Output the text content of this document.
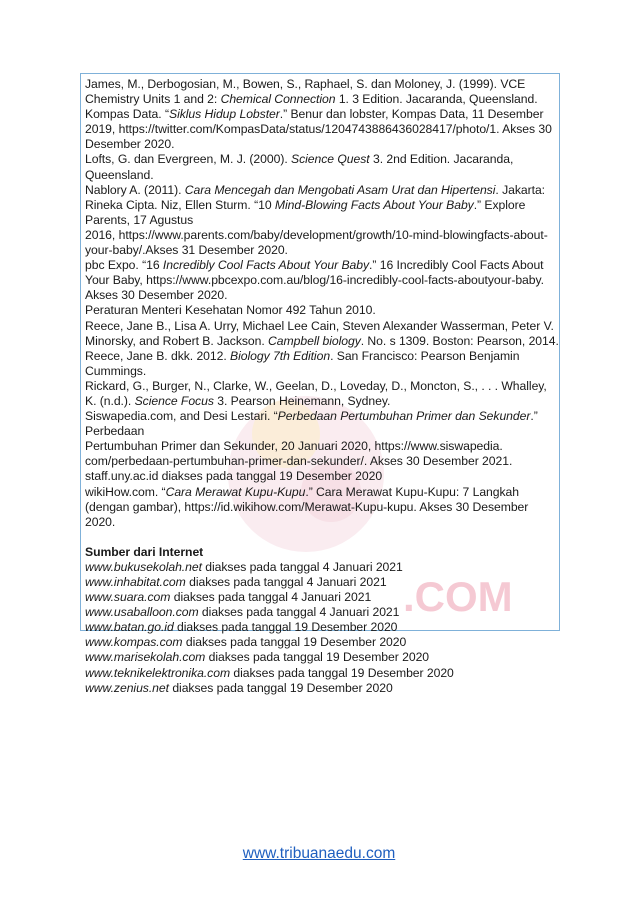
.COM

James, M., Derbogosian, M., Bowen, S., Raphael, S. dan Moloney, J. (1999). VCE Chemistry Units 1 and 2: Chemical Connection 1. 3 Edition. Jacaranda, Queensland.

Kompas Data. “Siklus Hidup Lobster.” Benur dan lobster, Kompas Data, 11 Desember 2019, https://twitter.com/KompasData/status/1204743886436028417/photo/1. Akses 30 Desember 2020.

Lofts, G. dan Evergreen, M. J. (2000). Science Quest 3. 2nd Edition. Jacaranda, Queensland.

Nablory A. (2011). Cara Mencegah dan Mengobati Asam Urat dan Hipertensi. Jakarta: Rineka Cipta. Niz, Ellen Sturm. “10 Mind-Blowing Facts About Your Baby.” Explore Parents, 17 Agustus

2016, https://www.parents.com/baby/development/growth/10-mind-blowingfacts-about-your-baby/.Akses 31 Desember 2020.

pbc Expo. “16 Incredibly Cool Facts About Your Baby.” 16 Incredibly Cool Facts About Your Baby, https://www.pbcexpo.com.au/blog/16-incredibly-cool-facts-aboutyour-baby. Akses 30 Desember 2020.

Peraturan Menteri Kesehatan Nomor 492 Tahun 2010.

Reece, Jane B., Lisa A. Urry, Michael Lee Cain, Steven Alexander Wasserman, Peter V. Minorsky, and Robert B. Jackson. Campbell biology. No. s 1309. Boston: Pearson, 2014.

Reece, Jane B. dkk. 2012. Biology 7th Edition. San Francisco: Pearson Benjamin Cummings.

Rickard, G., Burger, N., Clarke, W., Geelan, D., Loveday, D., Moncton, S., . . . Whalley, K. (n.d.). Science Focus 3. Pearson Heinemann, Sydney.

Siswapedia.com, and Desi Lestari. “Perbedaan Pertumbuhan Primer dan Sekunder.”

Perbedaan

Pertumbuhan Primer dan Sekunder, 20 Januari 2020, https://www.siswapedia. com/perbedaan-pertumbuhan-primer-dan-sekunder/. Akses 30 Desember 2021.

staff.uny.ac.id diakses pada tanggal 19 Desember 2020

wikiHow.com. “Cara Merawat Kupu-Kupu.” Cara Merawat Kupu-Kupu: 7 Langkah (dengan gambar), https://id.wikihow.com/Merawat-Kupu-kupu. Akses 30 Desember 2020.

Sumber dari Internet

www.bukusekolah.net diakses pada tanggal 4 Januari 2021

www.inhabitat.com diakses pada tanggal 4 Januari 2021

www.suara.com diakses pada tanggal 4 Januari 2021

www.usaballoon.com diakses pada tanggal 4 Januari 2021

www.batan.go.id diakses pada tanggal 19 Desember 2020

www.kompas.com diakses pada tanggal 19 Desember 2020

www.marisekolah.com diakses pada tanggal 19 Desember 2020

www.teknikelektronika.com diakses pada tanggal 19 Desember 2020

www.zenius.net diakses pada tanggal 19 Desember 2020

www.tribuanaedu.com
